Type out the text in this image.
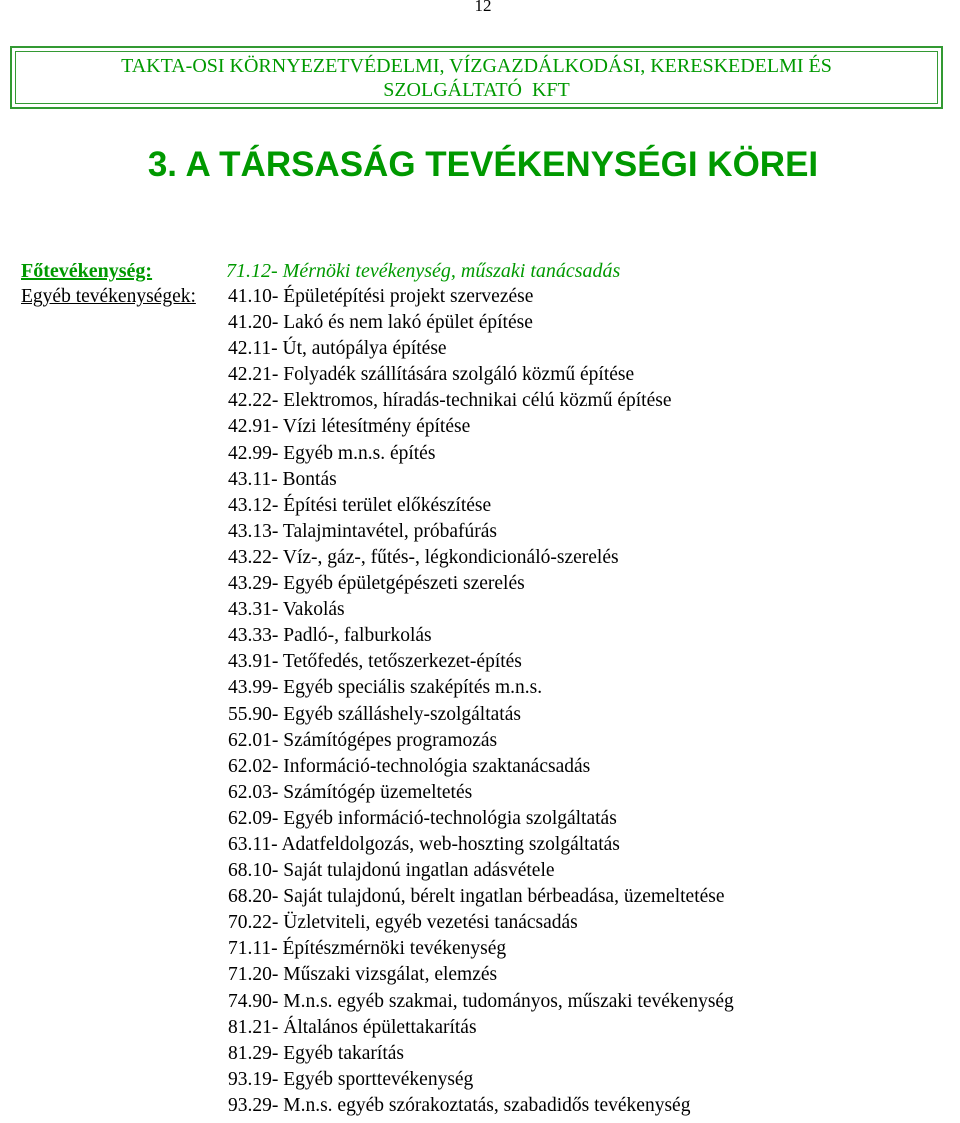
12
TAKTA-OSI KÖRNYEZETVÉDELMI, VÍZGAZDÁLKODÁSI, KERESKEDELMI ÉS
SZOLGÁLTATÓ  KFT
3. A TÁRSASÁG TEVÉKENYSÉGI KÖREI
Főtevékenység:	71.12- Mérnöki tevékenység, műszaki tanácsadás
Egyéb tevékenységek: 41.10- Épületépítési projekt szervezése
41.20- Lakó és nem lakó épület építése
42.11- Út, autópálya építése
42.21- Folyadék szállítására szolgáló közmű építése
42.22- Elektromos, híradás-technikai célú közmű építése
42.91- Vízi létesítmény építése
42.99- Egyéb m.n.s. építés
43.11- Bontás
43.12- Építési terület előkészítése
43.13- Talajmintavétel, próbafúrás
43.22- Víz-, gáz-, fűtés-, légkondicionáló-szerelés
43.29- Egyéb épületgépészeti szerelés
43.31- Vakolás
43.33- Padló-, falburkolás
43.91- Tetőfedés, tetőszerkezet-építés
43.99- Egyéb speciális szaképítés m.n.s.
55.90- Egyéb szálláshely-szolgáltatás
62.01- Számítógépes programozás
62.02- Információ-technológia szaktanácsadás
62.03- Számítógép üzemeltetés
62.09- Egyéb információ-technológia szolgáltatás
63.11- Adatfeldolgozás, web-hoszting szolgáltatás
68.10- Saját tulajdonú ingatlan adásvétele
68.20- Saját tulajdonú, bérelt ingatlan bérbeadása, üzemeltetése
70.22- Üzletviteli, egyéb vezetési tanácsadás
71.11- Építészmérnöki tevékenység
71.20- Műszaki vizsgálat, elemzés
74.90- M.n.s. egyéb szakmai, tudományos, műszaki tevékenység
81.21- Általános épülettakarítás
81.29- Egyéb takarítás
93.19- Egyéb sporttevékenység
93.29- M.n.s. egyéb szórakoztatás, szabadidős tevékenység
